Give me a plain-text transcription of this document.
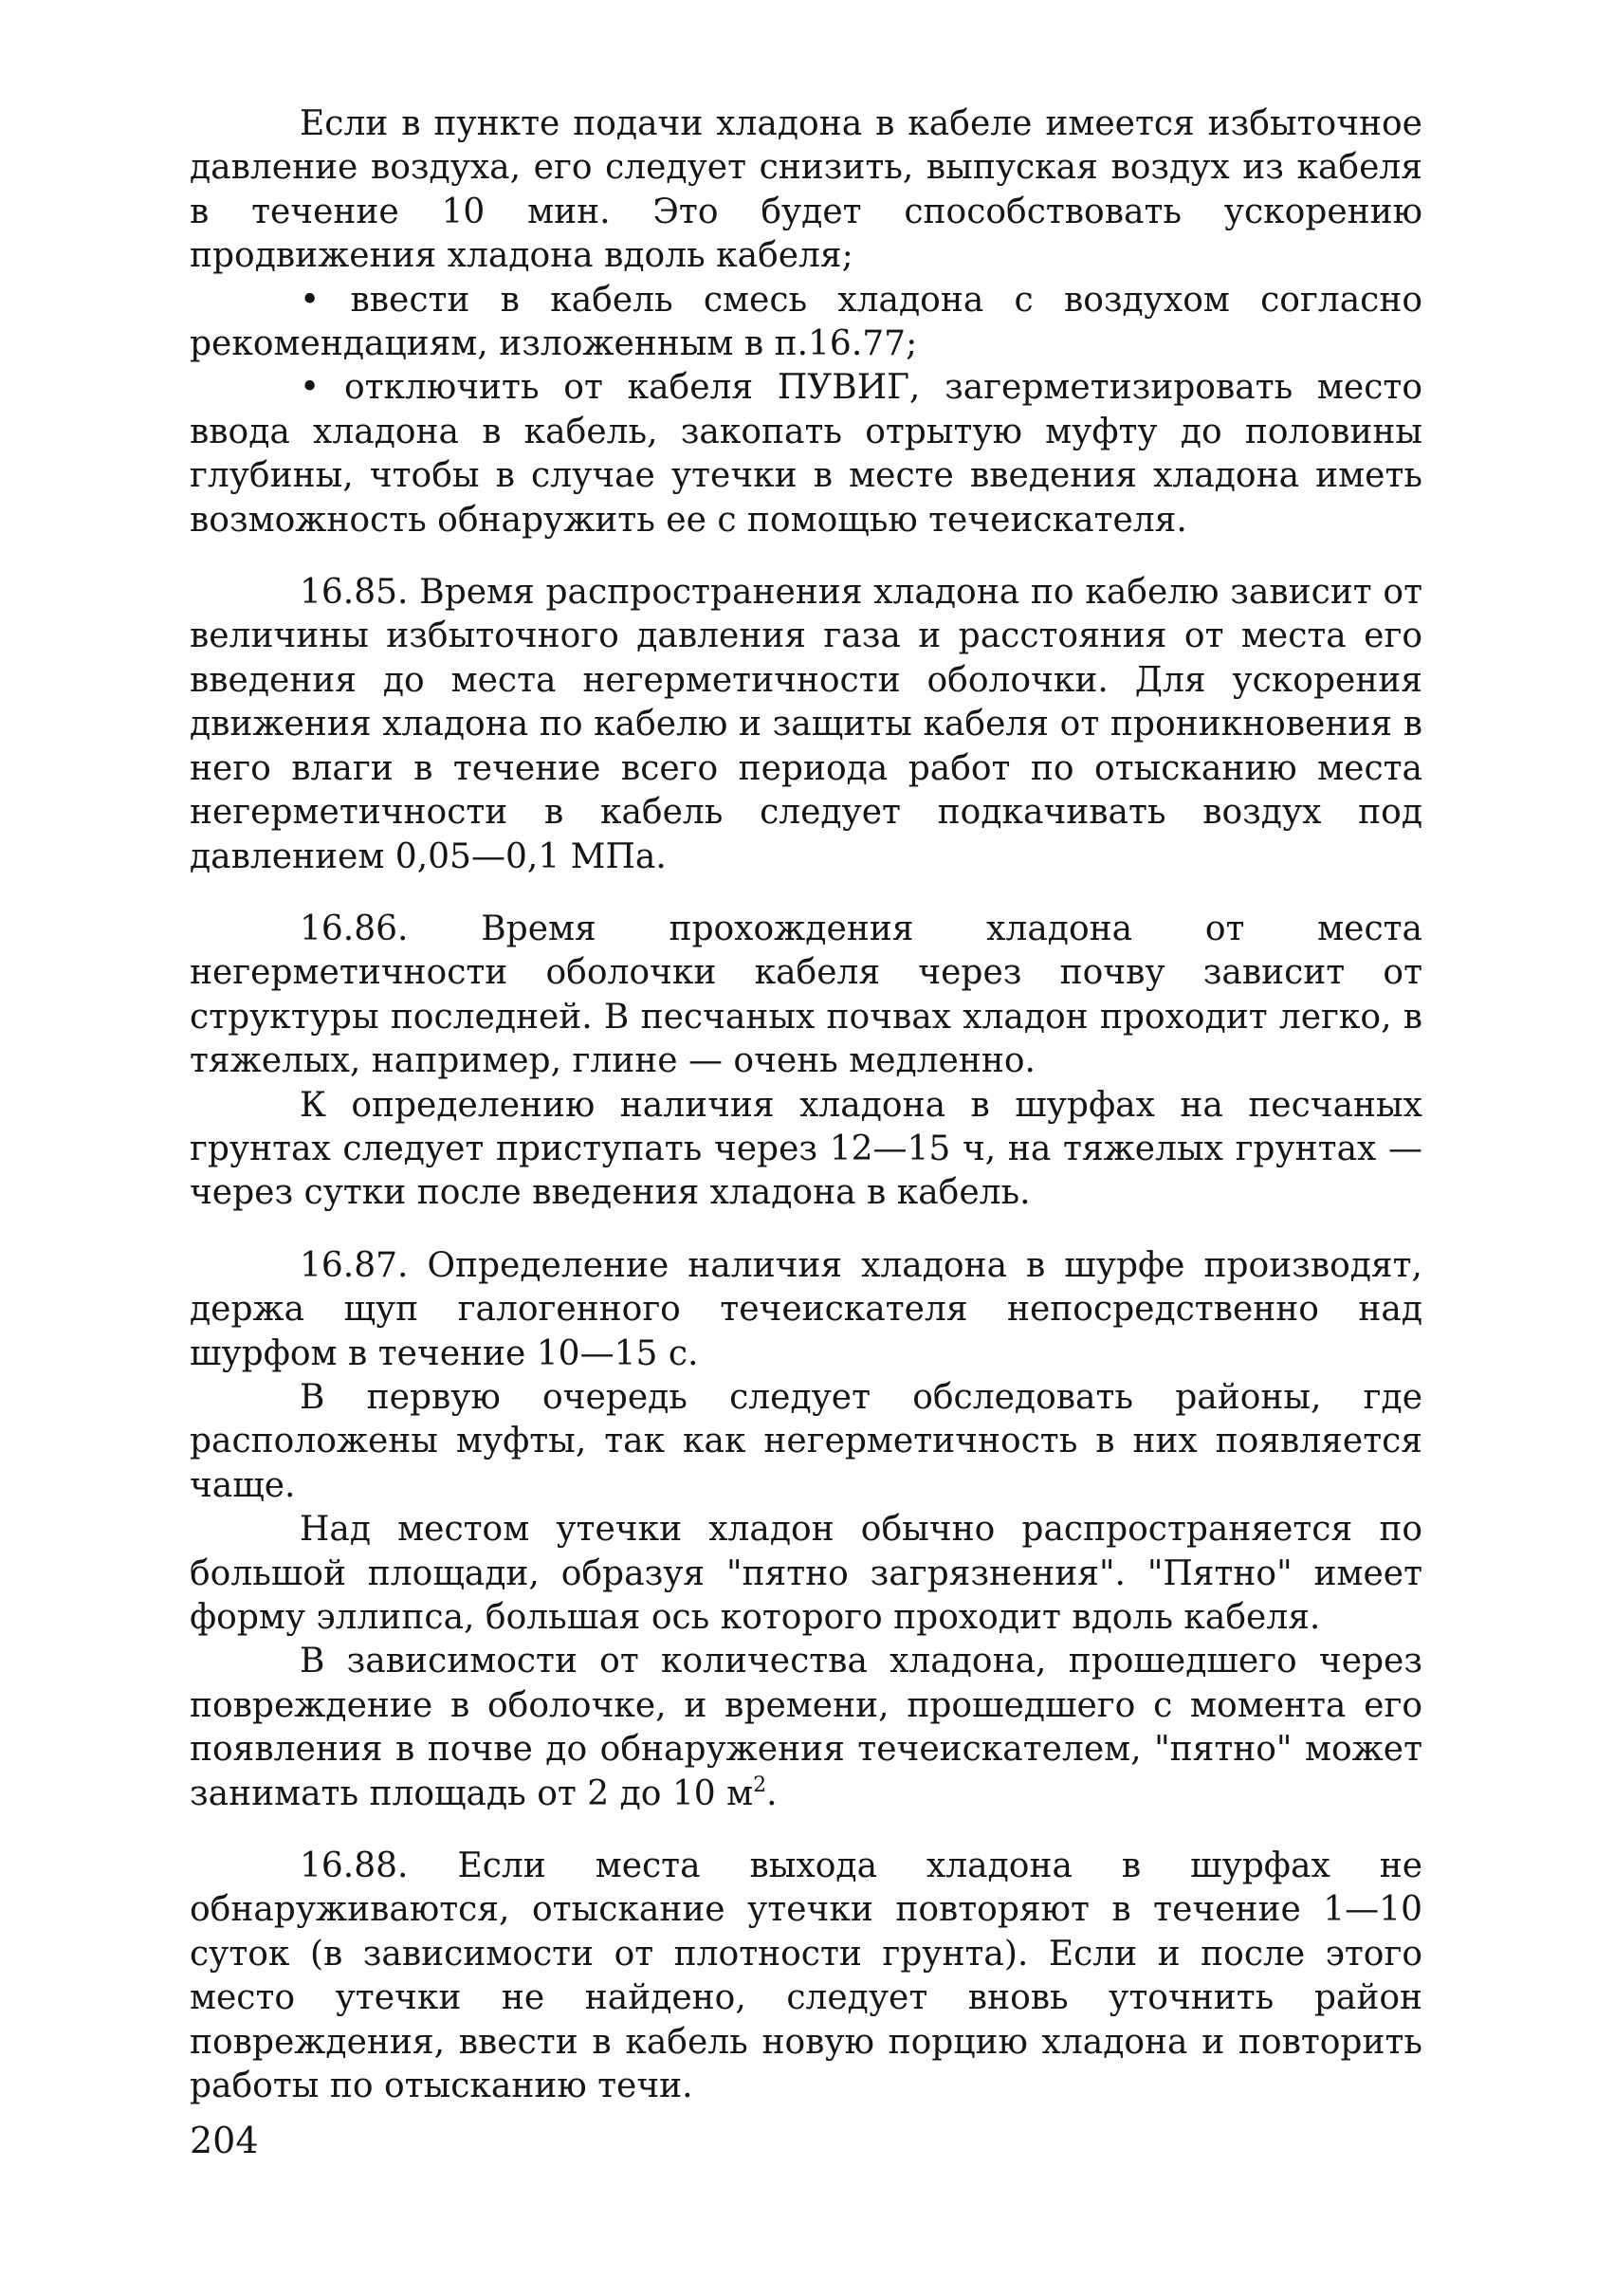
Если в пункте подачи хладона в кабеле имеется избыточное давление воздуха, его следует снизить, выпуская воздух из кабеля в течение 10 мин. Это будет способствовать ускорению продвижения хладона вдоль кабеля;

• ввести в кабель смесь хладона с воздухом согласно рекомендациям, изложенным в п.16.77;

• отключить от кабеля ПУВИГ, загерметизировать место ввода хладона в кабель, закопать отрытую муфту до половины глубины, чтобы в случае утечки в месте введения хладона иметь возможность обнаружить ее с помощью течеискателя.

16.85. Время распространения хладона по кабелю зависит от величины избыточного давления газа и расстояния от места его введения до места негерметичности оболочки. Для ускорения движения хладона по кабелю и защиты кабеля от проникновения в него влаги в течение всего периода работ по отысканию места негерметичности в кабель следует подкачивать воздух под давлением 0,05—0,1 МПа.

16.86. Время прохождения хладона от места негерметичности оболочки кабеля через почву зависит от структуры последней. В песчаных почвах хладон проходит легко, в тяжелых, например, глине — очень медленно.

К определению наличия хладона в шурфах на песчаных грунтах следует приступать через 12—15 ч, на тяжелых грунтах — через сутки после введения хладона в кабель.

16.87. Определение наличия хладона в шурфе производят, держа щуп галогенного течеискателя непосредственно над шурфом в течение 10—15 с.

В первую очередь следует обследовать районы, где расположены муфты, так как негерметичность в них появляется чаще.

Над местом утечки хладон обычно распространяется по большой площади, образуя "пятно загрязнения". "Пятно" имеет форму эллипса, большая ось которого проходит вдоль кабеля.

В зависимости от количества хладона, прошедшего через повреждение в оболочке, и времени, прошедшего с момента его появления в почве до обнаружения течеискателем, "пятно" может занимать площадь от 2 до 10 $м^2$.

16.88. Если места выхода хладона в шурфах не обнаруживаются, отыскание утечки повторяют в течение 1—10 суток (в зависимости от плотности грунта). Если и после этого место утечки не найдено, следует вновь уточнить район повреждения, ввести в кабель новую порцию хладона и повторить работы по отысканию течи.

204
